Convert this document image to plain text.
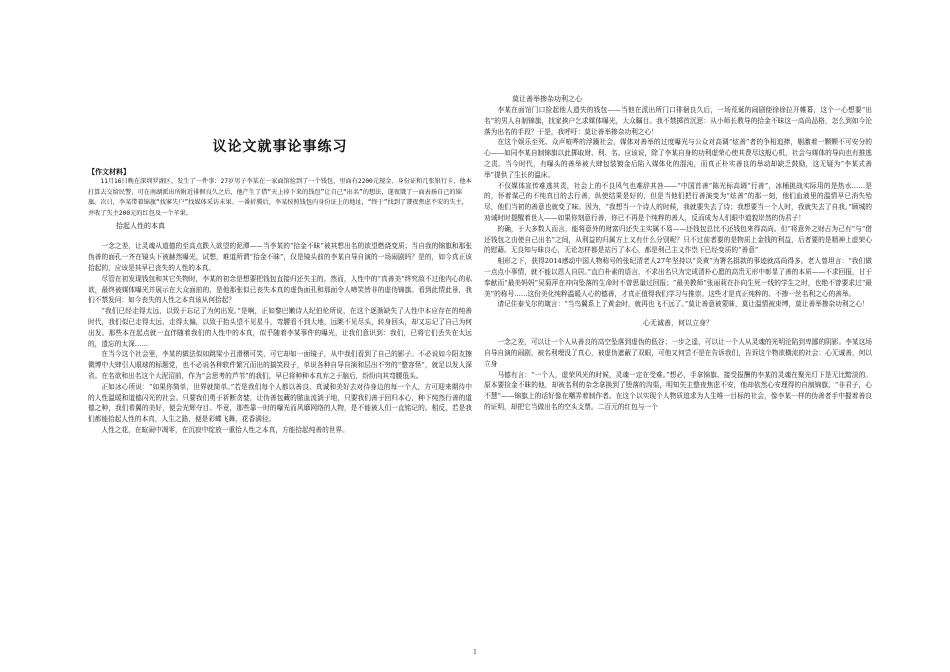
议论文就事论事练习

【作文材料】

11月16日晚在深圳罗湖区，发生了一件事：27岁男子李某在一家面馆捡到了一个钱包，里面有2200元现金、身份证和几张银行卡，他本打算去交给民警，可在南湖派出所附近徘徊良久之后，他产生了借“天上掉下来的钱包”让自己“出名”的想法，遂夜饿了一面表扬自己的锦旗。次日，李某带着锦旗“找寥失户”找媒体采访未果。一番折腾后，李某按照钱包内身份证上的地址，“终于”找到了饕夜焦虑不安的失主，并收了失主200元的红包及一个苹果。

拾起人性的本真

一念之差，让灵魂从道德的至高点跌入欲望的泥潭——当李某的“拾金不昧”被其想出名的欲望燃烧变质；当自我的锦旗和那张伪善的面孔一齐在镜头下被赫然曝光，试想，难道所谓“拾金不昧”，仅是镜头前的李某自导自演的一场闹剧吗？是的，如今真正该拾起的，应该是其早已丧失的人性的本真。

尽管在初发现钱包和其它失物时，李某的初念是想要把钱包直接归还失主的。然而，人性中的“真善美”终究敌不过他内心的私欲，最终被媒体曝光并展示在大众面前的，是他那张似已丧失本真的虚伪面孔和那面令人啼笑皆非的虚伪锦旗。看到此情此景，我们不禁发问：如今丧失的人性之本真该从何拾起？

“我们已经走得太远，以致于忘记了为何出发。”是啊，正如黎巴嫩诗人纪伯伦所说，在这个逐渐缺失了人性中本应存在的纯善时代，我们似已走得太远，走得太偏，以致于抬头望不见星斗，弯腰看不到大地，远眺不见尽头，转身回头，却又忘记了自己为何出发。那些本在起点就一直伴随着我们的人性中的本真，似乎随着李某事件的曝光，让我们意识到：我们，已将它们丢失在太远的，遗忘的太深……

在当今这个社会里，李某的做法似如跳梁小丑滑稽可笑，可它却如一面镜子，从中我们看到了自己的影子。不必说如今阳友擦微博中大肆引人眼球的标题党，也不必说各种软件繁冗而出的搞笑段子，单说各种自导自演和层出不穷的“整容怪”，就足以发人深省。在名欲和出名这个大泥沼前，作为“会思考的芦苇”的我们，早已将种种本真弃之于脑后，纷纷向其弯腰低头。

正如冰心所说：“如果你简单，世界就简单。”若是我们每个人都以善良、真诚和美好去对待身边的每一个人，方可迎来期待中的人性温暖和道德闪光的社会。只要我们勇于祈断贪婪，让伪善包藏的脓血流淌于地，只要我们善于回归本心，种下纯然行善的道德之种，我们希翼的美好，便会光辉夺目。毕竟，那些靠一时的曝光而风靡网络的人物，是不能被人们一直铭记的。相反，若是我们都能拾起人性的本真，人生之路，便是彩蝶飞舞，花香满径。

人性之花，在暄闹中凋零，在沉寂中绽放一重拾人性之本真，方能拾起纯善的世界。

莫让善举掺杂功利之心

李某在面馆门口捡起他人遗失的钱包——当他在派出所门口徘徊良久后，一场荒诞的闹剧便徐徐拉开帷幕，这个一心想要“出名”的男人自制锦旗，找家挨户乞求媒体曝光，大众瞩目。我不禁掷首沉思：从小师长教导的拾金不昧这一高尚品格，怎么到如今沦落为出名的手段？于是，我呼吁：莫让善举掺杂功利之心！

在这个娱乐至死、众声喧哗的浮躁社会，媒体对善举的过度曝光与公众对高调“炫善”者的争相追捧，剔激着一颗颗不可安分的心——如同李某自制锦旗以此掷取财、利、名。应该说，除了李某自身的功利虚荣心使其费尽这般心机，社会与媒体的导向也有推逃之责。当今时代，有曝头的善举被大肆包装镀金后陷入媒体化的混沌，而真正朴实善良的举动却缺乏鼓励，这无疑为“李某式善举”提供了生长的温床。

不仅媒体宣传难逃其责，社会上的不良风气也难辞其咎——“中国首善”陈光标高调“行善”，冰桶挑战实际用的是热水……是的，怀着谋己的不纯真目的去行善，纵使结果是好的，但是当他们把行善演变为“炫善”的那一刻，他们血液里的温情早已消失殆尽，他们当初的善意也就变了味。因为，“我想当一个诗人的时候，我就要失去了诗；我想要当一个人时，我就失去了自我。”顾城的劝诫时时提醒着世人——如果你刻意行善，你已不再是个纯粹的善人，反而成为人们眼中道貌岸然的伪君子！

的确，于大多数人而言，能将意外的财富归还失主实属不易——还钱包总比不还钱包来得高尚。但“将意外之财占为己有”与“借还钱包之由使自己出名”之间，从利益的归属方上又有什么分别呢？只不过前者要的是物质上金钱的利益，后者要的是精神上虚荣心的慰藉。无良知与昧良心，无论怎样都是站污了本心，都是利己主义作祟下已经变质的“善意”

相形之下，获得2014感动中国人物称号的张纪清老人27年坚持以“炎黄”为署名捐款的事迹就高尚得多。老人曾坦言：“我们做一点点小事情，就不能以恩人自居。”直白朴素的语言，不求出名只为完成清朴心愿的高贵无形中彰显了善的本质——不求回报，甘于奉献而“最美妈妈”吴菊萍在冲向坠落的生命时不曾思量过回报；“最美教师”张丽莉在扑向生死一线的学生之时，也绝不曾要求过“最美”的称号……这份美化纯粹温暖人心的德善，才真正值得我们学习与推崇。这些才是真正纯粹的、不掺一丝名利之心的善举。

请记住泰戈尔的箴言：“当鸟翼系上了黄金时，就再也飞不远了。”莫让善意被蒙昧，莫让温情被束缚，莫让善举掺杂功利之心！

心无诚善，何以立身？

一念之差，可以让一个人从善良的高空坠落到虚伪的低谷；一步之遥，可以让一个人从灵魂的光明沦陷到卑鄙的阴影。李某这场自导自演的闹剧，被名利埋没了真心，被虚伪遮蔽了双眼，可他又何尝不是在告诉我们，告诉这个物欲横流的社会：心无诚善，何以立身

马德有言：“一个人，虚荣风光的时候，灵魂一定在受难。”想必，手拿锦旗、接受报酬的李某的灵魂在聚光灯下是无比黯淡的。原本要捡金不昧的他，却被名利的杂念拿换到了堕落的沟渠，明知失主整夜焦虑不安，他却依然心安理得的自制锦旗，“非君子，心不慧”——锦旗上的话好像在嘲弄着制作者。在这个以实现个人物质追求为人生唯一目标的社会，像李某一样的伪善者手中握着善良的证明，却把它当做出名的空头支票。二百元的红包与一个

1
